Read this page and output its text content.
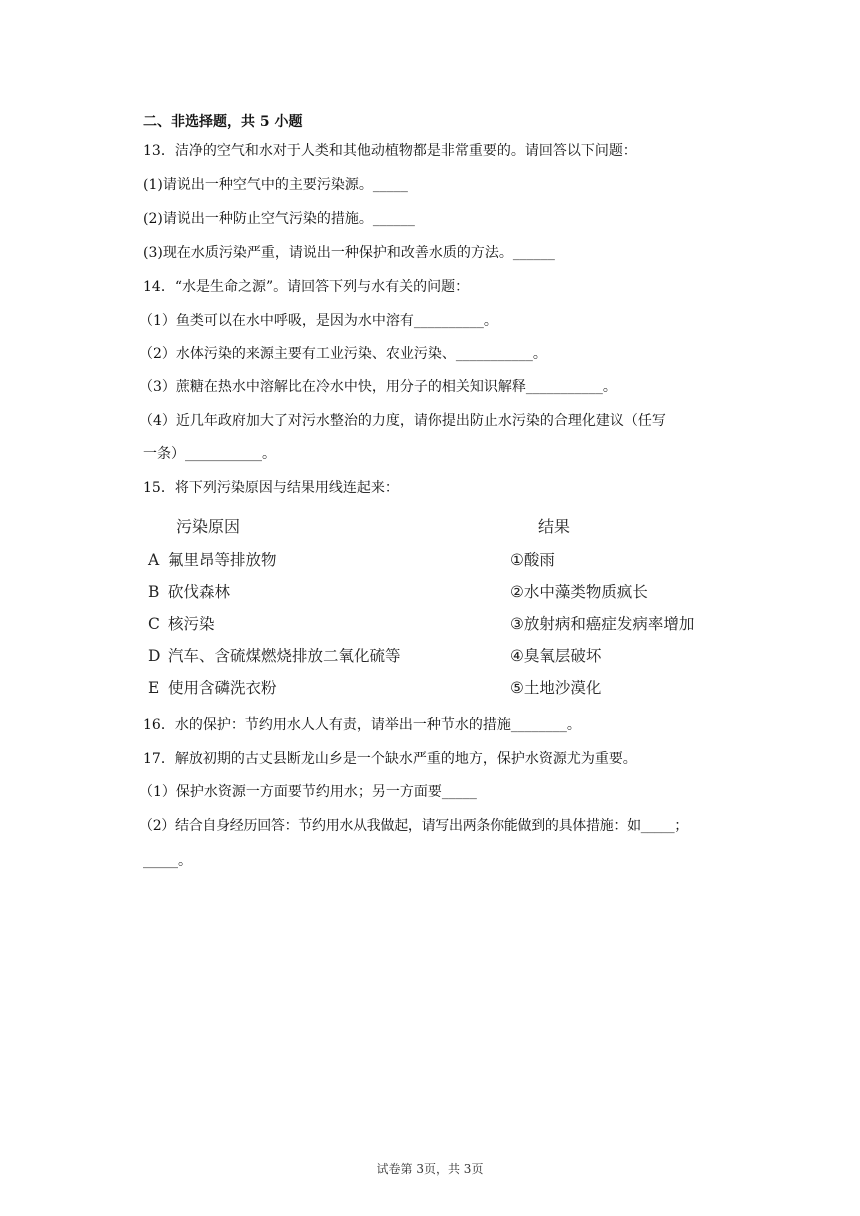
二、非选择题，共 5 小题
13．洁净的空气和水对于人类和其他动植物都是非常重要的。请回答以下问题：
(1)请说出一种空气中的主要污染源。_____
(2)请说出一种防止空气污染的措施。______
(3)现在水质污染严重，请说出一种保护和改善水质的方法。______
14．“水是生命之源”。请回答下列与水有关的问题：
（1）鱼类可以在水中呼吸，是因为水中溶有__________。
（2）水体污染的来源主要有工业污染、农业污染、___________。
（3）蔗糖在热水中溶解比在冷水中快，用分子的相关知识解释___________。
（4）近几年政府加大了对污水整治的力度，请你提出防止水污染的合理化建议（任写
一条）___________。
15．将下列污染原因与结果用线连起来：
污染原因	结果
A 氟里昂等排放物
B 砍伐森林
C 核污染
D 汽车、含硫煤燃烧排放二氧化硫等
E 使用含磷洗衣粉
①酸雨
②水中藻类物质疯长
③放射病和癌症发病率增加
④臭氧层破坏
⑤土地沙漠化
16．水的保护：节约用水人人有责，请举出一种节水的措施________。
17．解放初期的古丈县断龙山乡是一个缺水严重的地方，保护水资源尤为重要。
（1）保护水资源一方面要节约用水；另一方面要_____
（2）结合自身经历回答：节约用水从我做起，请写出两条你能做到的具体措施：如_____；
_____。
试卷第 3页，共 3页
